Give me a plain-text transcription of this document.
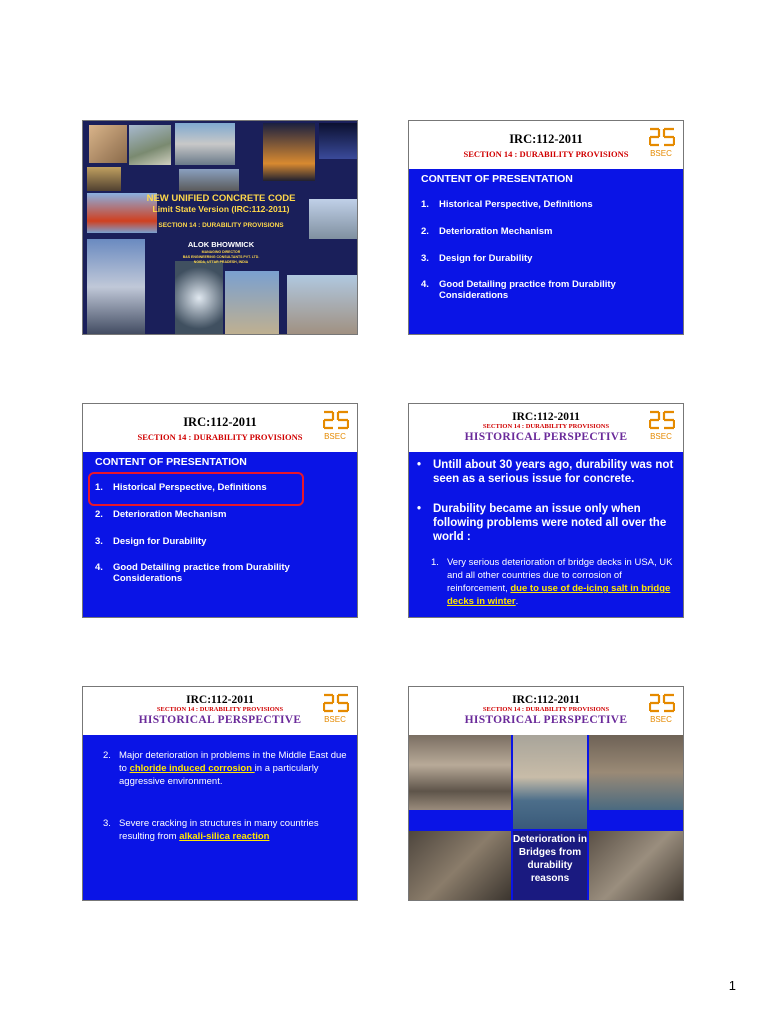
NEW UNIFIED CONCRETE CODE
Limit State Version (IRC:112-2011)
SECTION 14 : DURABILITY PROVISIONS
ALOK BHOWMICK
MANAGING DIRECTOR
B&S ENGINEERING CONSULTANTS PVT. LTD.
NOIDA, UTTAR PRADESH, INDIA
IRC:112-2011
SECTION 14 : DURABILITY PROVISIONS	BSEC
CONTENT OF PRESENTATION
1.	Historical Perspective, Definitions
2.	Deterioration Mechanism
3.	Design for Durability
4.	Good Detailing practice from Durability Considerations
IRC:112-2011
SECTION 14 : DURABILITY PROVISIONS	BSEC
CONTENT OF PRESENTATION
1.	Historical Perspective, Definitions
2.	Deterioration Mechanism
3.	Design for Durability
4.	Good Detailing practice from Durability Considerations
IRC:112-2011
SECTION 14 : DURABILITY PROVISIONS
HISTORICAL PERSPECTIVE	BSEC
•	Untill about 30 years ago, durability was not seen as a serious issue for concrete.
•	Durability became an issue only when following problems were noted all over the world :
1. Very serious deterioration of bridge decks in USA, UK and all other countries due to corrosion of reinforcement, due to use of de-icing salt in bridge decks in winter.
IRC:112-2011
SECTION 14 : DURABILITY PROVISIONS
HISTORICAL PERSPECTIVE	BSEC
2. Major deterioration in problems in the Middle East due to chloride induced corrosion in a particularly aggressive environment.
3. Severe cracking in structures in many countries resulting from alkali-silica reaction
IRC:112-2011
SECTION 14 : DURABILITY PROVISIONS
HISTORICAL PERSPECTIVE	BSEC
Deterioration in Bridges from durability reasons
1
